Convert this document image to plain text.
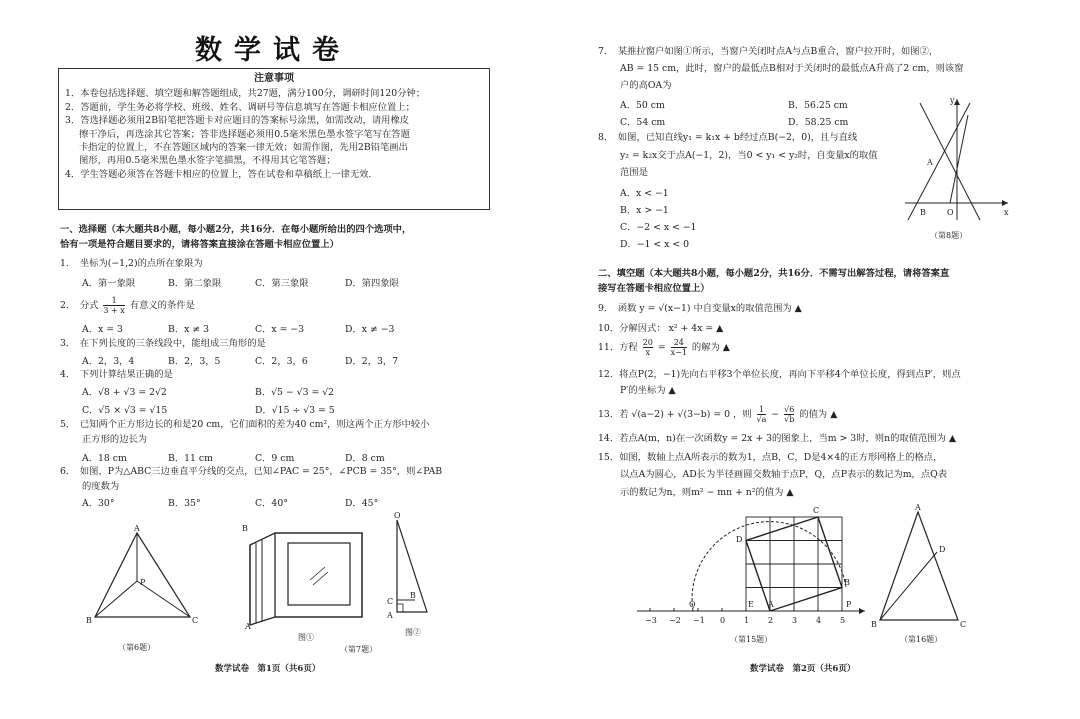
数学试卷
注意事项

1．本卷包括选择题、填空题和解答题组成，共27题，满分100分，调研时间120分钟；

2．答题前，学生务必将学校、班级、姓名、调研号等信息填写在答题卡相应位置上；

3．答选择题必须用2B铅笔把答题卡对应题目的答案标号涂黑，如需改动，请用橡皮

擦干净后，再选涂其它答案；答非选择题必须用0.5毫米黑色墨水签字笔写在答题

卡指定的位置上，不在答题区域内的答案一律无效；如需作图，先用2B铅笔画出

图形，再用0.5毫米黑色墨水签字笔描黑，不得用其它笔答题；

4．学生答题必须答在答题卡相应的位置上，答在试卷和草稿纸上一律无效.

一、选择题（本大题共8小题，每小题2分，共16分．在每小题所给出的四个选项中，
恰有一项是符合题目要求的，请将答案直接涂在答题卡相应位置上）
1．　坐标为(−1,2)的点所在象限为
A．第一象限	B．第二象限	C．第三象限	D．第四象限
2．　分式 $\frac{1}{3 + x}$ 有意义的条件是
A．x = 3	B．x ≠ 3	C．x = −3	D．x ≠ −3
3．　在下列长度的三条线段中，能组成三角形的是
A．2，3，4	B．2，3，5	C．2，3，6	D．2，3，7
4．　下列计算结果正确的是
A．√8 + √3 = 2√2	B．√5 − √3 = √2
C．√5 × √3 = √15	D．√15 ÷ √3 = 5
5．　已知两个正方形边长的和是20 cm，它们面积的差为40 cm²，则这两个正方形中较小
正方形的边长为
A．18 cm	B．11 cm	C．9 cm	D．8 cm
6．　如图，P为△ABC三边垂直平分线的交点，已知∠PAC = 25°，∠PCB = 35°，则∠PAB
的度数为
A．30°	B．35°	C．40°	D．45°
A
B	C
P
（第6题）
B
A
图①
O
C
A
B
图②
（第7题）
数学试卷　第1页（共6页）
7．　某推拉窗户如图①所示，当窗户关闭时点A与点B重合，窗户拉开时，如图②，
AB = 15 cm，此时，窗户的最低点B相对于关闭时的最低点A升高了2 cm，则该窗
户的高OA为
A．50 cm	B．56.25 cm
C．54 cm	D．58.25 cm
8．　如图，已知直线y₁ = k₁x + b经过点B(−2，0)，且与直线
y₂ = k₂x交于点A(−1，2)，当0 < y₁ < y₂时，自变量x的取值
范围是
A．x < −1
B．x > −1
C．−2 < x < −1
D．−1 < x < 0
y
x
A
B	O
（第8题）
二、填空题（本大题共8小题，每小题2分，共16分．不需写出解答过程，请将答案直
接写在答题卡相应位置上）
9．　函数 y = √(x−1) 中自变量x的取值范围为 ▲
10．分解因式： x² + 4x = ▲
11．方程 $\frac{20}{x} = \frac{24}{x-1}$ 的解为 ▲
12．将点P(2，−1)先向右平移3个单位长度，再向下平移4个单位长度，得到点P′，则点
P′的坐标为 ▲
13．若 √(a−2) + √(3−b) = 0 ，则 $\frac{1}{√a} - \frac{√6}{√b}$ 的值为 ▲
14．若点A(m，n)在一次函数y = 2x + 3的图象上，当m > 3时，则n的取值范围为 ▲
15．如图，数轴上点A所表示的数为1，点B，C，D是4×4的正方形网格上的格点，
以点A为圆心，AD长为半径画圆交数轴于点P，Q，点P表示的数记为m，点Q表
示的数记为n，则m² − mn + n²的值为 ▲
C
D
B
A
E	P
Q
−3 −2 −1 0 1 2 3 4 5
（第15题）
A
B	C
D
（第16题）
数学试卷　第2页（共6页）
